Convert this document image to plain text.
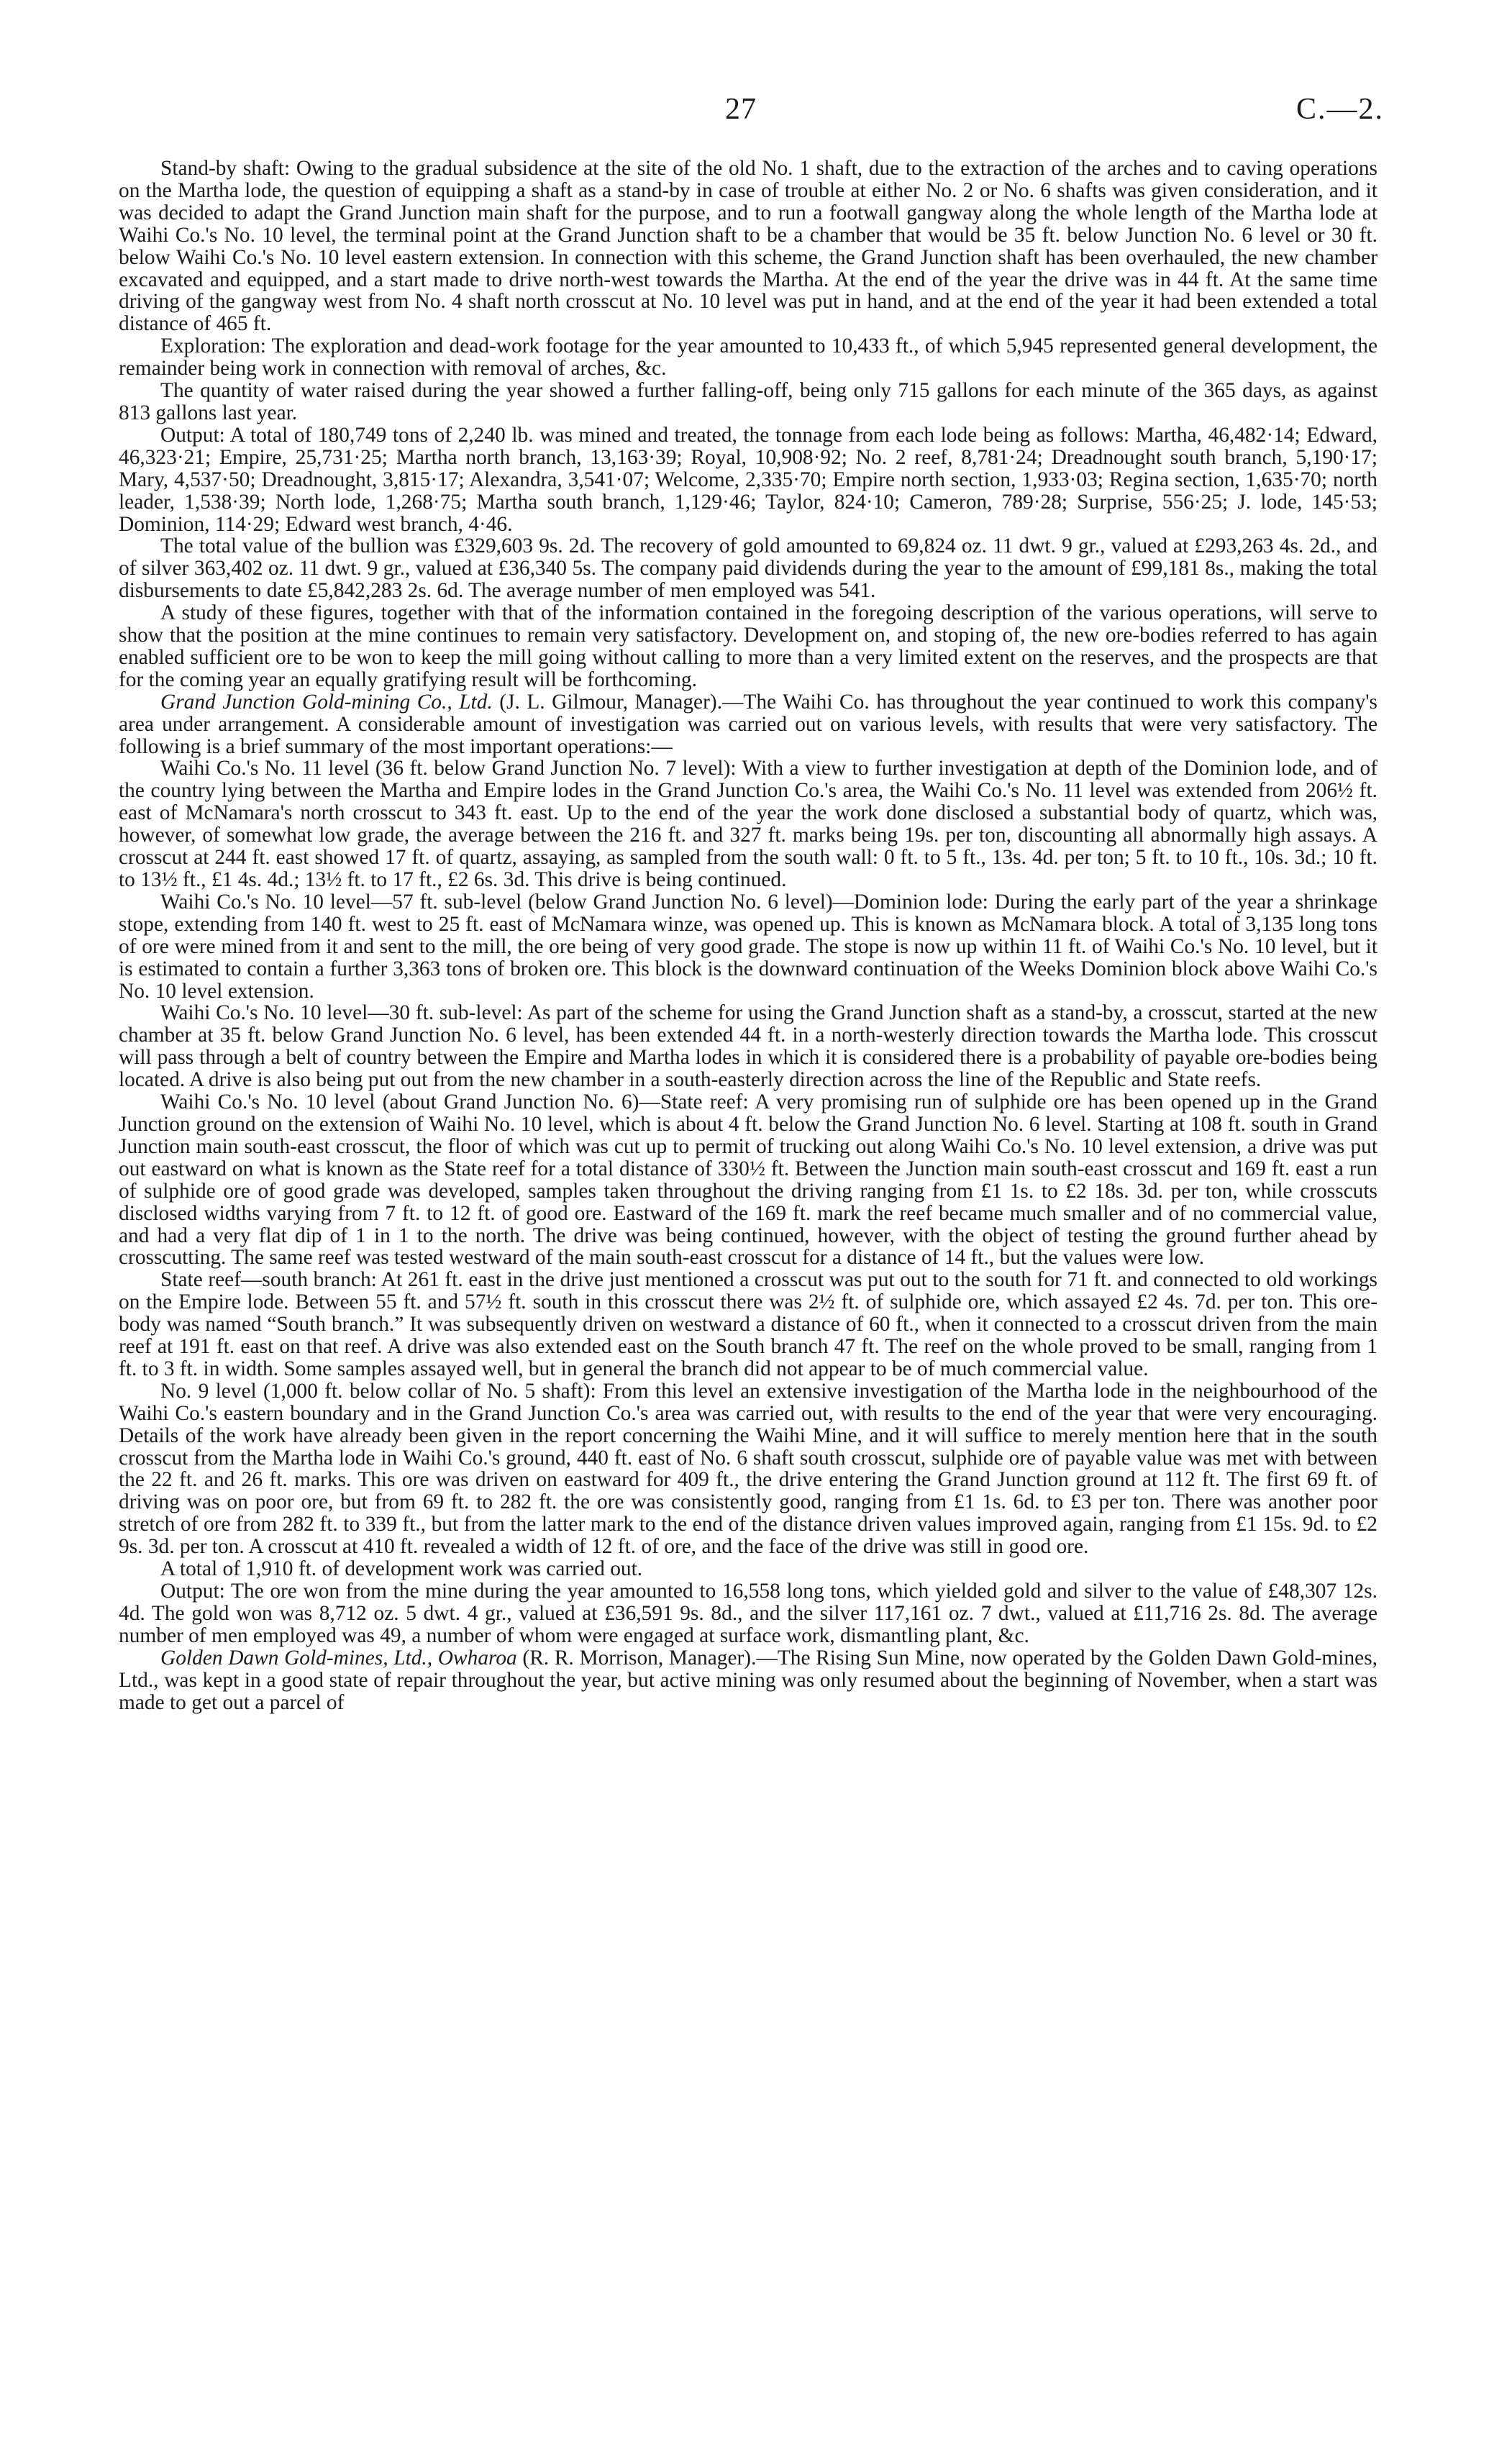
27	C.—2.

Stand-by shaft: Owing to the gradual subsidence at the site of the old No. 1 shaft, due to the extraction of the arches and to caving operations on the Martha lode, the question of equipping a shaft as a stand-by in case of trouble at either No. 2 or No. 6 shafts was given consideration, and it was decided to adapt the Grand Junction main shaft for the purpose, and to run a footwall gangway along the whole length of the Martha lode at Waihi Co.'s No. 10 level, the terminal point at the Grand Junction shaft to be a chamber that would be 35 ft. below Junction No. 6 level or 30 ft. below Waihi Co.'s No. 10 level eastern extension. In connection with this scheme, the Grand Junction shaft has been overhauled, the new chamber excavated and equipped, and a start made to drive north-west towards the Martha. At the end of the year the drive was in 44 ft. At the same time driving of the gangway west from No. 4 shaft north crosscut at No. 10 level was put in hand, and at the end of the year it had been extended a total distance of 465 ft.

Exploration: The exploration and dead-work footage for the year amounted to 10,433 ft., of which 5,945 represented general development, the remainder being work in connection with removal of arches, &c.

The quantity of water raised during the year showed a further falling-off, being only 715 gallons for each minute of the 365 days, as against 813 gallons last year.

Output: A total of 180,749 tons of 2,240 lb. was mined and treated, the tonnage from each lode being as follows: Martha, 46,482·14; Edward, 46,323·21; Empire, 25,731·25; Martha north branch, 13,163·39; Royal, 10,908·92; No. 2 reef, 8,781·24; Dreadnought south branch, 5,190·17; Mary, 4,537·50; Dreadnought, 3,815·17; Alexandra, 3,541·07; Welcome, 2,335·70; Empire north section, 1,933·03; Regina section, 1,635·70; north leader, 1,538·39; North lode, 1,268·75; Martha south branch, 1,129·46; Taylor, 824·10; Cameron, 789·28; Surprise, 556·25; J. lode, 145·53; Dominion, 114·29; Edward west branch, 4·46.

The total value of the bullion was £329,603 9s. 2d. The recovery of gold amounted to 69,824 oz. 11 dwt. 9 gr., valued at £293,263 4s. 2d., and of silver 363,402 oz. 11 dwt. 9 gr., valued at £36,340 5s. The company paid dividends during the year to the amount of £99,181 8s., making the total disbursements to date £5,842,283 2s. 6d. The average number of men employed was 541.

A study of these figures, together with that of the information contained in the foregoing description of the various operations, will serve to show that the position at the mine continues to remain very satisfactory. Development on, and stoping of, the new ore-bodies referred to has again enabled sufficient ore to be won to keep the mill going without calling to more than a very limited extent on the reserves, and the prospects are that for the coming year an equally gratifying result will be forthcoming.

Grand Junction Gold-mining Co., Ltd. (J. L. Gilmour, Manager).—The Waihi Co. has throughout the year continued to work this company's area under arrangement. A considerable amount of investigation was carried out on various levels, with results that were very satisfactory. The following is a brief summary of the most important operations:—

Waihi Co.'s No. 11 level (36 ft. below Grand Junction No. 7 level): With a view to further investigation at depth of the Dominion lode, and of the country lying between the Martha and Empire lodes in the Grand Junction Co.'s area, the Waihi Co.'s No. 11 level was extended from 206½ ft. east of McNamara's north crosscut to 343 ft. east. Up to the end of the year the work done disclosed a substantial body of quartz, which was, however, of somewhat low grade, the average between the 216 ft. and 327 ft. marks being 19s. per ton, discounting all abnormally high assays. A crosscut at 244 ft. east showed 17 ft. of quartz, assaying, as sampled from the south wall: 0 ft. to 5 ft., 13s. 4d. per ton; 5 ft. to 10 ft., 10s. 3d.; 10 ft. to 13½ ft., £1 4s. 4d.; 13½ ft. to 17 ft., £2 6s. 3d. This drive is being continued.

Waihi Co.'s No. 10 level—57 ft. sub-level (below Grand Junction No. 6 level)—Dominion lode: During the early part of the year a shrinkage stope, extending from 140 ft. west to 25 ft. east of McNamara winze, was opened up. This is known as McNamara block. A total of 3,135 long tons of ore were mined from it and sent to the mill, the ore being of very good grade. The stope is now up within 11 ft. of Waihi Co.'s No. 10 level, but it is estimated to contain a further 3,363 tons of broken ore. This block is the downward continuation of the Weeks Dominion block above Waihi Co.'s No. 10 level extension.

Waihi Co.'s No. 10 level—30 ft. sub-level: As part of the scheme for using the Grand Junction shaft as a stand-by, a crosscut, started at the new chamber at 35 ft. below Grand Junction No. 6 level, has been extended 44 ft. in a north-westerly direction towards the Martha lode. This crosscut will pass through a belt of country between the Empire and Martha lodes in which it is considered there is a probability of payable ore-bodies being located. A drive is also being put out from the new chamber in a south-easterly direction across the line of the Republic and State reefs.

Waihi Co.'s No. 10 level (about Grand Junction No. 6)—State reef: A very promising run of sulphide ore has been opened up in the Grand Junction ground on the extension of Waihi No. 10 level, which is about 4 ft. below the Grand Junction No. 6 level. Starting at 108 ft. south in Grand Junction main south-east crosscut, the floor of which was cut up to permit of trucking out along Waihi Co.'s No. 10 level extension, a drive was put out eastward on what is known as the State reef for a total distance of 330½ ft. Between the Junction main south-east crosscut and 169 ft. east a run of sulphide ore of good grade was developed, samples taken throughout the driving ranging from £1 1s. to £2 18s. 3d. per ton, while crosscuts disclosed widths varying from 7 ft. to 12 ft. of good ore. Eastward of the 169 ft. mark the reef became much smaller and of no commercial value, and had a very flat dip of 1 in 1 to the north. The drive was being continued, however, with the object of testing the ground further ahead by crosscutting. The same reef was tested westward of the main south-east crosscut for a distance of 14 ft., but the values were low.

State reef—south branch: At 261 ft. east in the drive just mentioned a crosscut was put out to the south for 71 ft. and connected to old workings on the Empire lode. Between 55 ft. and 57½ ft. south in this crosscut there was 2½ ft. of sulphide ore, which assayed £2 4s. 7d. per ton. This ore-body was named “South branch.” It was subsequently driven on westward a distance of 60 ft., when it connected to a crosscut driven from the main reef at 191 ft. east on that reef. A drive was also extended east on the South branch 47 ft. The reef on the whole proved to be small, ranging from 1 ft. to 3 ft. in width. Some samples assayed well, but in general the branch did not appear to be of much commercial value.

No. 9 level (1,000 ft. below collar of No. 5 shaft): From this level an extensive investigation of the Martha lode in the neighbourhood of the Waihi Co.'s eastern boundary and in the Grand Junction Co.'s area was carried out, with results to the end of the year that were very encouraging. Details of the work have already been given in the report concerning the Waihi Mine, and it will suffice to merely mention here that in the south crosscut from the Martha lode in Waihi Co.'s ground, 440 ft. east of No. 6 shaft south crosscut, sulphide ore of payable value was met with between the 22 ft. and 26 ft. marks. This ore was driven on eastward for 409 ft., the drive entering the Grand Junction ground at 112 ft. The first 69 ft. of driving was on poor ore, but from 69 ft. to 282 ft. the ore was consistently good, ranging from £1 1s. 6d. to £3 per ton. There was another poor stretch of ore from 282 ft. to 339 ft., but from the latter mark to the end of the distance driven values improved again, ranging from £1 15s. 9d. to £2 9s. 3d. per ton. A crosscut at 410 ft. revealed a width of 12 ft. of ore, and the face of the drive was still in good ore.

A total of 1,910 ft. of development work was carried out.

Output: The ore won from the mine during the year amounted to 16,558 long tons, which yielded gold and silver to the value of £48,307 12s. 4d. The gold won was 8,712 oz. 5 dwt. 4 gr., valued at £36,591 9s. 8d., and the silver 117,161 oz. 7 dwt., valued at £11,716 2s. 8d. The average number of men employed was 49, a number of whom were engaged at surface work, dismantling plant, &c.

Golden Dawn Gold-mines, Ltd., Owharoa (R. R. Morrison, Manager).—The Rising Sun Mine, now operated by the Golden Dawn Gold-mines, Ltd., was kept in a good state of repair throughout the year, but active mining was only resumed about the beginning of November, when a start was made to get out a parcel of
